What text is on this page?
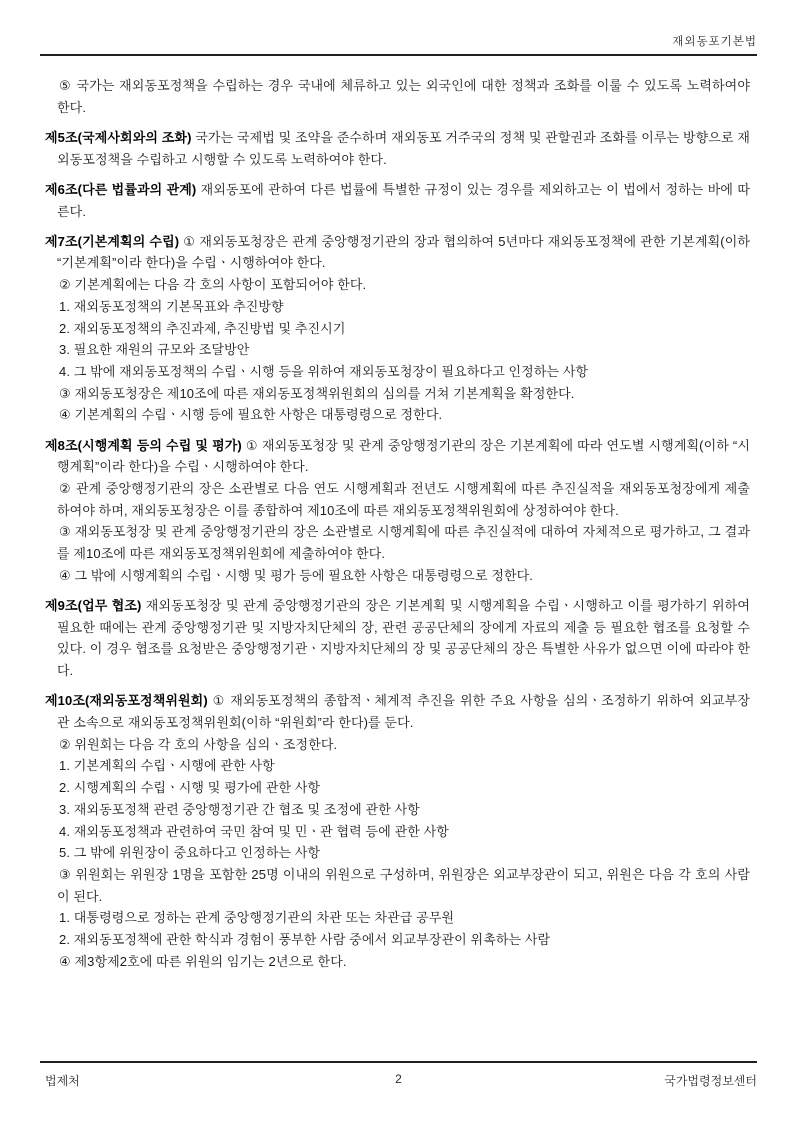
재외동포기본법

⑤ 국가는 재외동포정책을 수립하는 경우 국내에 체류하고 있는 외국인에 대한 정책과 조화를 이룰 수 있도록 노력하여야 한다.

제5조(국제사회와의 조화) 국가는 국제법 및 조약을 준수하며 재외동포 거주국의 정책 및 관할권과 조화를 이루는 방향으로 재외동포정책을 수립하고 시행할 수 있도록 노력하여야 한다.

제6조(다른 법률과의 관계) 재외동포에 관하여 다른 법률에 특별한 규정이 있는 경우를 제외하고는 이 법에서 정하는 바에 따른다.

제7조(기본계획의 수립) ① 재외동포청장은 관계 중앙행정기관의 장과 협의하여 5년마다 재외동포정책에 관한 기본계획(이하 “기본계획”이라 한다)을 수립ㆍ시행하여야 한다.

② 기본계획에는 다음 각 호의 사항이 포함되어야 한다.

1. 재외동포정책의 기본목표와 추진방향

2. 재외동포정책의 추진과제, 추진방법 및 추진시기

3. 필요한 재원의 규모와 조달방안

4. 그 밖에 재외동포정책의 수립ㆍ시행 등을 위하여 재외동포청장이 필요하다고 인정하는 사항

③ 재외동포청장은 제10조에 따른 재외동포정책위원회의 심의를 거쳐 기본계획을 확정한다.

④ 기본계획의 수립ㆍ시행 등에 필요한 사항은 대통령령으로 정한다.

제8조(시행계획 등의 수립 및 평가) ① 재외동포청장 및 관계 중앙행정기관의 장은 기본계획에 따라 연도별 시행계획(이하 “시행계획”이라 한다)을 수립ㆍ시행하여야 한다.

② 관계 중앙행정기관의 장은 소관별로 다음 연도 시행계획과 전년도 시행계획에 따른 추진실적을 재외동포청장에게 제출하여야 하며, 재외동포청장은 이를 종합하여 제10조에 따른 재외동포정책위원회에 상정하여야 한다.

③ 재외동포청장 및 관계 중앙행정기관의 장은 소관별로 시행계획에 따른 추진실적에 대하여 자체적으로 평가하고, 그 결과를 제10조에 따른 재외동포정책위원회에 제출하여야 한다.

④ 그 밖에 시행계획의 수립ㆍ시행 및 평가 등에 필요한 사항은 대통령령으로 정한다.

제9조(업무 협조) 재외동포청장 및 관계 중앙행정기관의 장은 기본계획 및 시행계획을 수립ㆍ시행하고 이를 평가하기 위하여 필요한 때에는 관계 중앙행정기관 및 지방자치단체의 장, 관련 공공단체의 장에게 자료의 제출 등 필요한 협조를 요청할 수 있다. 이 경우 협조를 요청받은 중앙행정기관ㆍ지방자치단체의 장 및 공공단체의 장은 특별한 사유가 없으면 이에 따라야 한다.

제10조(재외동포정책위원회) ① 재외동포정책의 종합적ㆍ체계적 추진을 위한 주요 사항을 심의ㆍ조정하기 위하여 외교부장관 소속으로 재외동포정책위원회(이하 “위원회”라 한다)를 둔다.

② 위원회는 다음 각 호의 사항을 심의ㆍ조정한다.

1. 기본계획의 수립ㆍ시행에 관한 사항

2. 시행계획의 수립ㆍ시행 및 평가에 관한 사항

3. 재외동포정책 관련 중앙행정기관 간 협조 및 조정에 관한 사항

4. 재외동포정책과 관련하여 국민 참여 및 민ㆍ관 협력 등에 관한 사항

5. 그 밖에 위원장이 중요하다고 인정하는 사항

③ 위원회는 위원장 1명을 포함한 25명 이내의 위원으로 구성하며, 위원장은 외교부장관이 되고, 위원은 다음 각 호의 사람이 된다.

1. 대통령령으로 정하는 관계 중앙행정기관의 차관 또는 차관급 공무원

2. 재외동포정책에 관한 학식과 경험이 풍부한 사람 중에서 외교부장관이 위촉하는 사람

④ 제3항제2호에 따른 위원의 임기는 2년으로 한다.

법제처	2	국가법령정보센터
